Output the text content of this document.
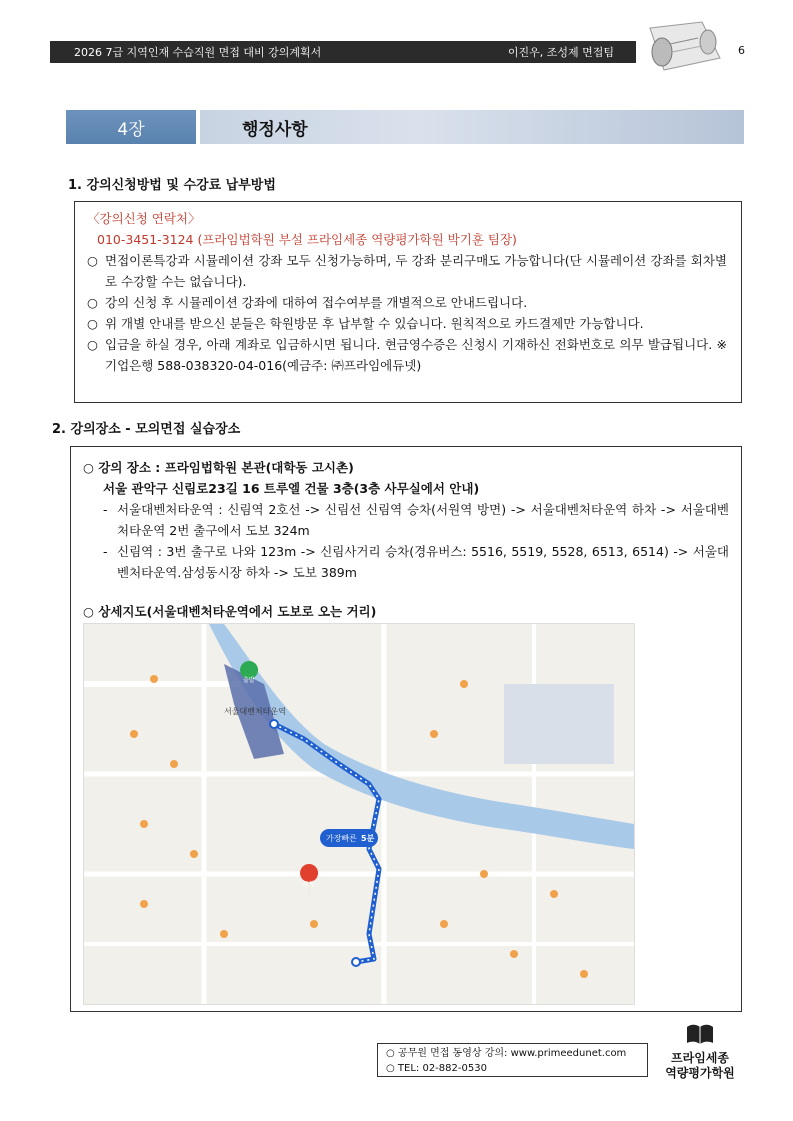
2026 7급 지역인재 수습직원 면접 대비 강의계획서	이진우, 조성제 면접팀	6
4장	행정사항
1. 강의신청방법 및 수강료 납부방법
〈강의신청 연락처〉
010-3451-3124 (프라임법학원 부설 프라임세종 역량평가학원 박기훈 팀장)
○ 면접이론특강과 시뮬레이션 강좌 모두 신청가능하며, 두 강좌 분리구매도 가능합니다(단 시뮬레이션 강좌를 회차별로 수강할 수는 없습니다).
○ 강의 신청 후 시뮬레이션 강좌에 대하여 접수여부를 개별적으로 안내드립니다.
○ 위 개별 안내를 받으신 분들은 학원방문 후 납부할 수 있습니다. 원칙적으로 카드결제만 가능합니다.
○ 입금을 하실 경우, 아래 계좌로 입금하시면 됩니다. 현금영수증은 신청시 기재하신 전화번호로 의무 발급됩니다. ※ 기업은행 588-038320-04-016(예금주: ㈜프라임에듀넷)
2. 강의장소 - 모의면접 실습장소
○ 강의 장소 : 프라임법학원 본관(대학동 고시촌)
서울 관악구 신림로23길 16 트루엘 건물 3층(3층 사무실에서 안내)
- 서울대벤처타운역 : 신림역 2호선 -> 신림선 신림역 승차(서원역 방면) -> 서울대벤처타운역 하차 -> 서울대벤처타운역 2번 출구에서 도보 324m
- 신림역 : 3번 출구로 나와 123m -> 신림사거리 승차(경유버스: 5516, 5519, 5528, 6513, 6514) -> 서울대벤처타운역.삼성동시장 하차 -> 도보 389m
○ 상세지도(서울대벤처타운역에서 도보로 오는 거리)
서울대벤처타운역
가장빠른 5분
도착
출발
○ 공무원 면접 동영상 강의: www.primeedunet.com
○ TEL: 02-882-0530
프라임세종
역량평가학원
